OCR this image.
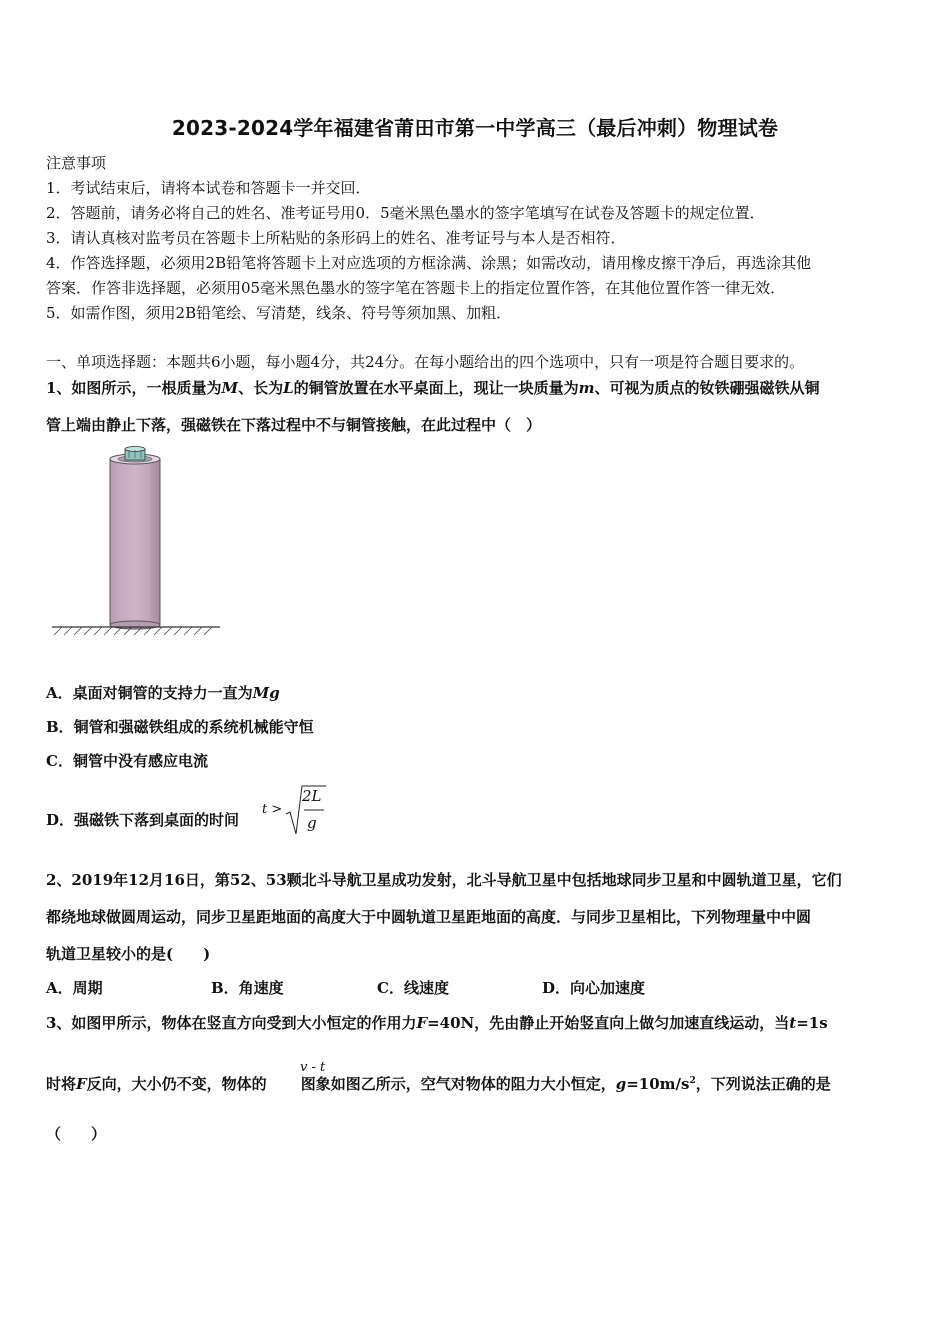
2023-2024学年福建省莆田市第一中学高三（最后冲刺）物理试卷
注意事项
1．考试结束后，请将本试卷和答题卡一并交回．
2．答题前，请务必将自己的姓名、准考证号用0．5毫米黑色墨水的签字笔填写在试卷及答题卡的规定位置．
3．请认真核对监考员在答题卡上所粘贴的条形码上的姓名、准考证号与本人是否相符．
4．作答选择题，必须用2B铅笔将答题卡上对应选项的方框涂满、涂黑；如需改动，请用橡皮擦干净后，再选涂其他
答案．作答非选择题，必须用05毫米黑色墨水的签字笔在答题卡上的指定位置作答，在其他位置作答一律无效．
5．如需作图，须用2B铅笔绘、写清楚，线条、符号等须加黑、加粗．
一、单项选择题：本题共6小题，每小题4分，共24分。在每小题给出的四个选项中，只有一项是符合题目要求的。
1、如图所示，一根质量为M、长为L的铜管放置在水平桌面上，现让一块质量为m、可视为质点的钕铁硼强磁铁从铜
管上端由静止下落，强磁铁在下落过程中不与铜管接触，在此过程中（　）
A．桌面对铜管的支持力一直为Mg
B．铜管和强磁铁组成的系统机械能守恒
C．铜管中没有感应电流
D．强磁铁下落到桌面的时间
t >
2L
g
2、2019年12月16日，第52、53颗北斗导航卫星成功发射，北斗导航卫星中包括地球同步卫星和中圆轨道卫星，它们
都绕地球做圆周运动，同步卫星距地面的高度大于中圆轨道卫星距地面的高度．与同步卫星相比，下列物理量中中圆
轨道卫星较小的是(　　)
A．周期	B．角速度	C．线速度	D．向心加速度
3、如图甲所示，物体在竖直方向受到大小恒定的作用力F=40N，先由静止开始竖直向上做匀加速直线运动，当t=1s
v - t
时将F反向，大小仍不变，物体的 图象如图乙所示，空气对物体的阻力大小恒定，$g=10m/s^2$，下列说法正确的是
（　　）
